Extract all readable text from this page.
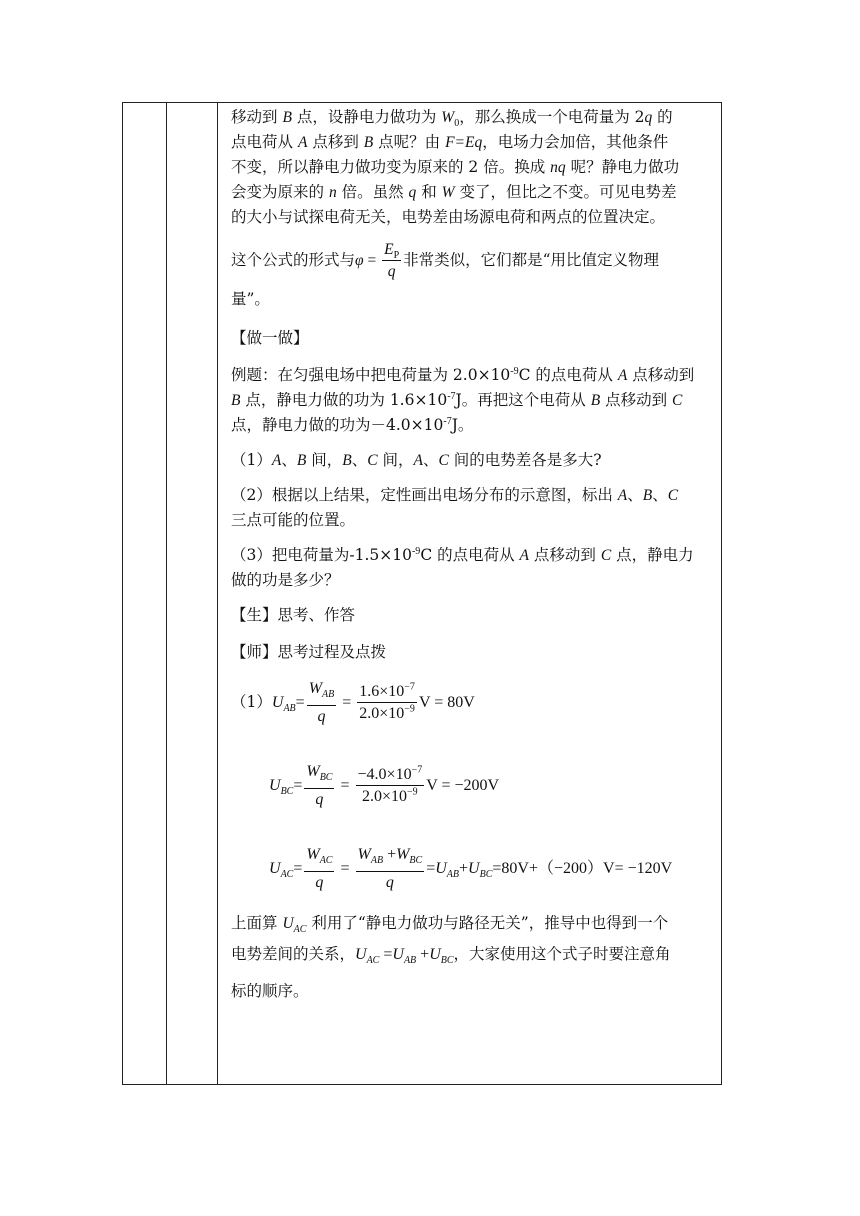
移动到 B 点，设静电力做功为 $W_0$，那么换成一个电荷量为 2q 的
点电荷从 A 点移到 B 点呢？由 F=Eq，电场力会加倍，其他条件
不变，所以静电力做功变为原来的 2 倍。换成 nq 呢？静电力做功
会变为原来的 n 倍。虽然 q 和 W 变了，但比之不变。可见电势差
的大小与试探电荷无关，电势差由场源电荷和两点的位置决定。
这个公式的形式与$\varphi = \frac{E_P}{q}$ 非常类似，它们都是“用比值定义物理
量”。
【做一做】
例题：在匀强电场中把电荷量为 $2.0\times 10^{-9}C$ 的点电荷从 A 点移动到
B 点，静电力做的功为 $1.6\times 10^{-7}J$。再把这个电荷从 B 点移动到 C
点，静电力做的功为$-4.0\times 10^{-7}J$。
（1）A、B 间，B、C 间，A、C 间的电势差各是多大?
（2）根据以上结果，定性画出电场分布的示意图，标出 A、B、C
三点可能的位置。
（3）把电荷量为$-1.5\times 10^{-9}C$ 的点电荷从 A 点移动到 C 点，静电力
做的功是多少？
【生】思考、作答
【师】思考过程及点拨
$(1)U_{AB}= \frac{W_{AB}}{q} = \frac{1.6\times 10^{-7}}{2.0\times 10^{-9}}$ V = 80V
$U_{BC}= \frac{W_{BC}}{q} = \frac{-4.0\times 10^{-7}}{2.0\times 10^{-9}}$ V = −200V
$U_{AC}= \frac{W_{AC}}{q} = \frac{W_{AB} +W_{BC}}{q} =U_{AB}+U_{BC}=80V+(-200)V= -120V$
上面算 $U_{AC}$ 利用了“静电力做功与路径无关”，推导中也得到一个
电势差间的关系，$U_{AC} =U_{AB} +U_{BC}$，大家使用这个式子时要注意角
标的顺序。
